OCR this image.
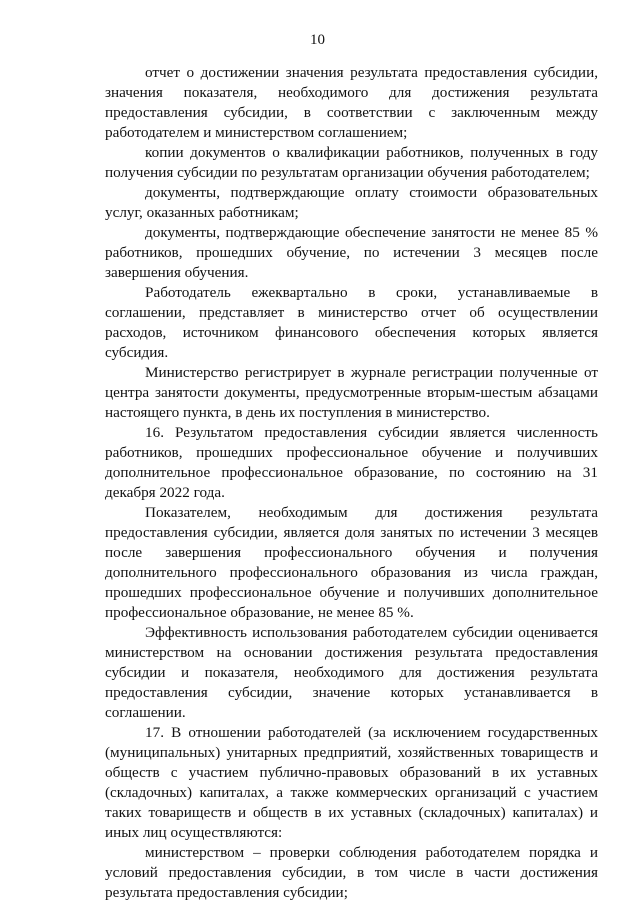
10

отчет о достижении значения результата предоставления субсидии, значения показателя, необходимого для достижения результата предоставления субсидии, в соответствии с заключенным между работодателем и министерством соглашением;

копии документов о квалификации работников, полученных в году получения субсидии по результатам организации обучения работодателем;

документы, подтверждающие оплату стоимости образовательных услуг, оказанных работникам;

документы, подтверждающие обеспечение занятости не менее 85 % работников, прошедших обучение, по истечении 3 месяцев после завершения обучения.

Работодатель ежеквартально в сроки, устанавливаемые в соглашении, представляет в министерство отчет об осуществлении расходов, источником финансового обеспечения которых является субсидия.

Министерство регистрирует в журнале регистрации полученные от центра занятости документы, предусмотренные вторым-шестым абзацами настоящего пункта, в день их поступления в министерство.

16. Результатом предоставления субсидии является численность работников, прошедших профессиональное обучение и получивших дополнительное профессиональное образование, по состоянию на 31 декабря 2022 года.

Показателем, необходимым для достижения результата предоставления субсидии, является доля занятых по истечении 3 месяцев после завершения профессионального обучения и получения дополнительного профессионального образования из числа граждан, прошедших профессиональное обучение и получивших дополнительное профессиональное образование, не менее 85 %.

Эффективность использования работодателем субсидии оценивается министерством на основании достижения результата предоставления субсидии и показателя, необходимого для достижения результата предоставления субсидии, значение которых устанавливается в соглашении.

17. В отношении работодателей (за исключением государственных (муниципальных) унитарных предприятий, хозяйственных товариществ и обществ с участием публично-правовых образований в их уставных (складочных) капиталах, а также коммерческих организаций с участием таких товариществ и обществ в их уставных (складочных) капиталах) и иных лиц осуществляются:

министерством – проверки соблюдения работодателем порядка и условий предоставления субсидии, в том числе в части достижения результата предоставления субсидии;
